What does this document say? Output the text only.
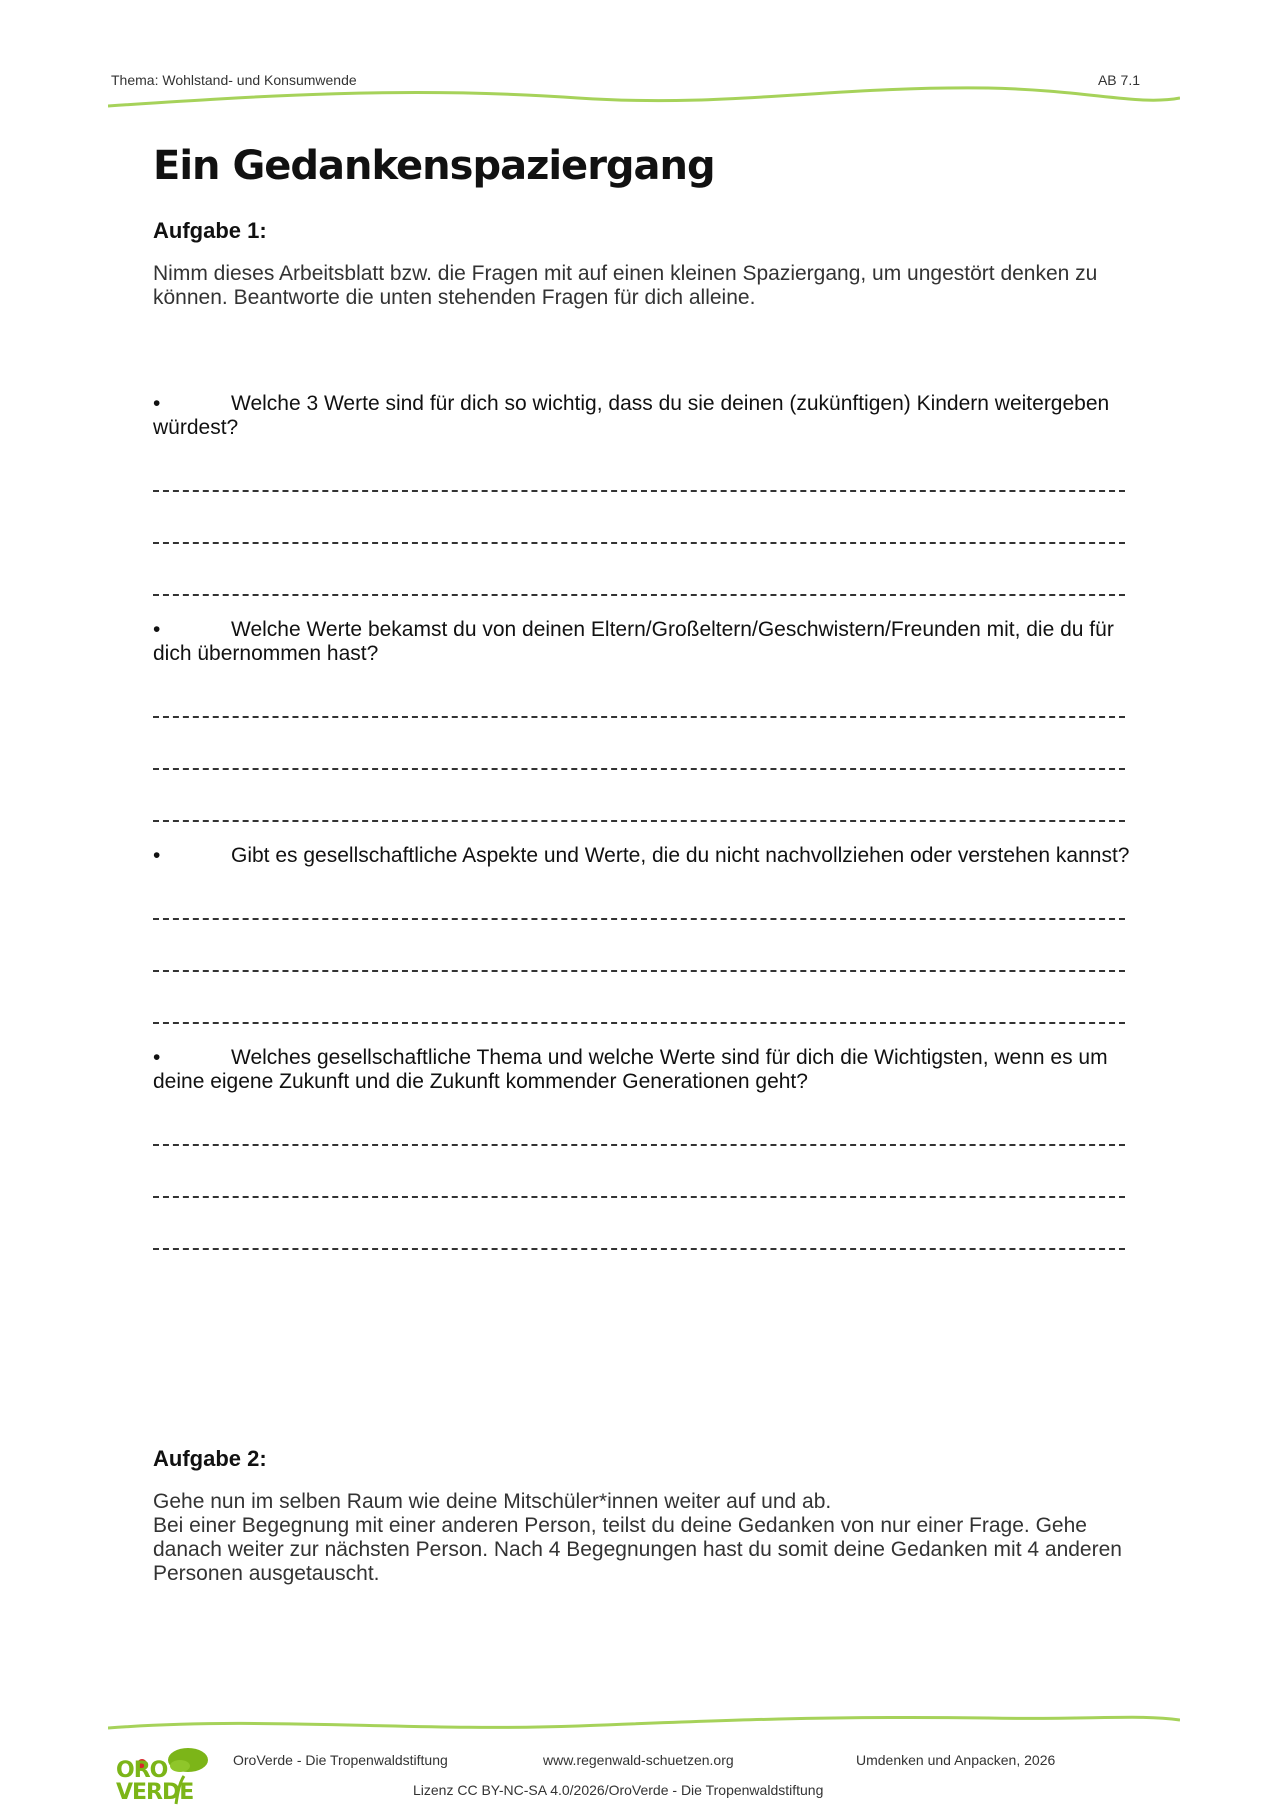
Thema: Wohlstand- und Konsumwende	AB 7.1
Ein Gedankenspaziergang
Aufgabe 1:

Nimm dieses Arbeitsblatt bzw. die Fragen mit auf einen kleinen Spaziergang, um ungestört denken zu können. Beantworte die unten stehenden Fragen für dich alleine.

•	Welche 3 Werte sind für dich so wichtig, dass du sie deinen (zukünftigen) Kindern weitergeben würdest?

•	Welche Werte bekamst du von deinen Eltern/Großeltern/Geschwistern/Freunden mit, die du für dich übernommen hast?

•	Gibt es gesellschaftliche Aspekte und Werte, die du nicht nachvollziehen oder verstehen kannst?

•	Welches gesellschaftliche Thema und welche Werte sind für dich die Wichtigsten, wenn es um deine eigene Zukunft und die Zukunft kommender Generationen geht?

Aufgabe 2:

Gehe nun im selben Raum wie deine Mitschüler*innen weiter auf und ab.

Bei einer Begegnung mit einer anderen Person, teilst du deine Gedanken von nur einer Frage. Gehe danach weiter zur nächsten Person. Nach 4 Begegnungen hast du somit deine Gedanken mit 4 anderen Personen ausgetauscht.

ORO
VERDE
OroVerde - Die Tropenwaldstiftung	www.regenwald-schuetzen.org	Umdenken und Anpacken, 2026
Lizenz CC BY-NC-SA 4.0/2026/OroVerde - Die Tropenwaldstiftung
